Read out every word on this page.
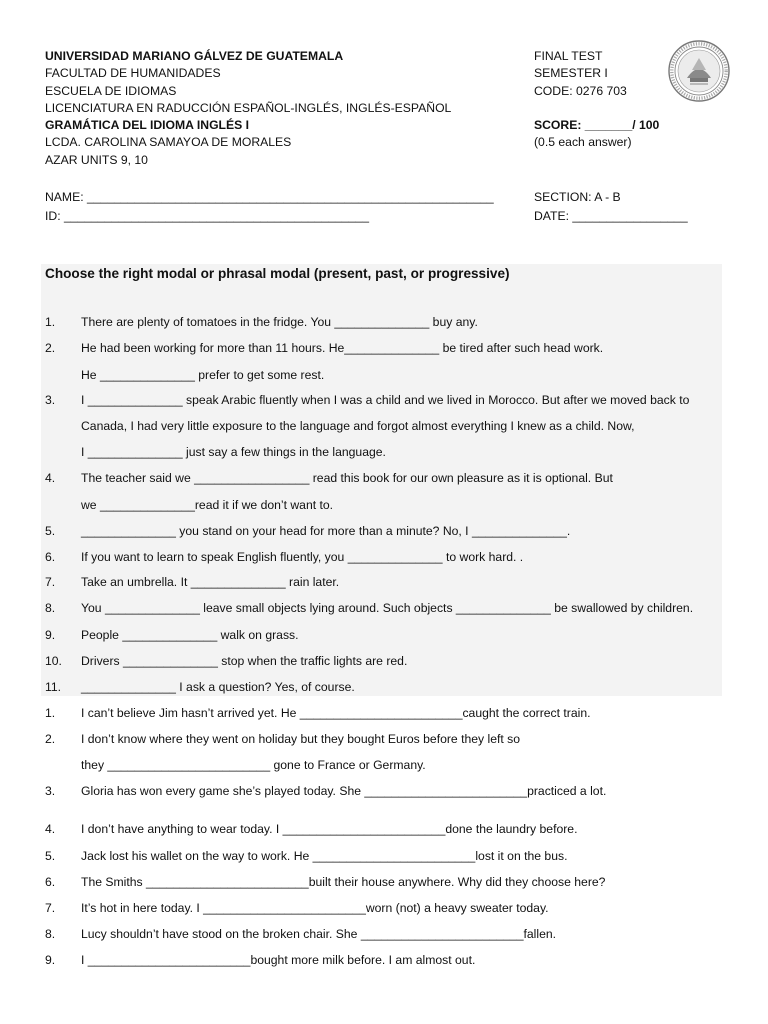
UNIVERSIDAD MARIANO GÁLVEZ DE GUATEMALA
FACULTAD DE HUMANIDADES
ESCUELA DE IDIOMAS
LICENCIATURA EN RADUCCIÓN ESPAÑOL-INGLÉS, INGLÉS-ESPAÑOL
GRAMÁTICA DEL IDIOMA INGLÉS I
LCDA. CAROLINA SAMAYOA DE MORALES
AZAR UNITS 9, 10
FINAL TEST
SEMESTER I
CODE: 0276 703
SCORE: _______/ 100
(0.5 each answer)
NAME: ____________________________________________________________
ID: _____________________________________________
SECTION: A - B
DATE: _________________
Choose the right modal or phrasal modal (present, past, or progressive)
1. There are plenty of tomatoes in the fridge. You ______________ buy any.
2. He had been working for more than 11 hours. He______________ be tired after such head work.
He ______________ prefer to get some rest.
3. I ______________ speak Arabic fluently when I was a child and we lived in Morocco. But after we moved back to
Canada, I had very little exposure to the language and forgot almost everything I knew as a child. Now,
I ______________ just say a few things in the language.
4. The teacher said we _________________ read this book for our own pleasure as it is optional. But
we ______________read it if we don’t want to.
5. ______________ you stand on your head for more than a minute? No, I ______________.
6. If you want to learn to speak English fluently, you ______________ to work hard. .
7. Take an umbrella. It ______________ rain later.
8. You ______________ leave small objects lying around. Such objects ______________ be swallowed by children.
9. People ______________ walk on grass.
10. Drivers ______________ stop when the traffic lights are red.
11. ______________ I ask a question? Yes, of course.
1. I can’t believe Jim hasn’t arrived yet. He ________________________caught the correct train.
2. I don’t know where they went on holiday but they bought Euros before they left so
they ________________________ gone to France or Germany.
3. Gloria has won every game she’s played today. She ________________________practiced a lot.
4. I don’t have anything to wear today. I ________________________done the laundry before.
5. Jack lost his wallet on the way to work. He ________________________lost it on the bus.
6. The Smiths ________________________built their house anywhere. Why did they choose here?
7. It’s hot in here today. I ________________________worn (not) a heavy sweater today.
8. Lucy shouldn’t have stood on the broken chair. She ________________________fallen.
9. I ________________________bought more milk before. I am almost out.
